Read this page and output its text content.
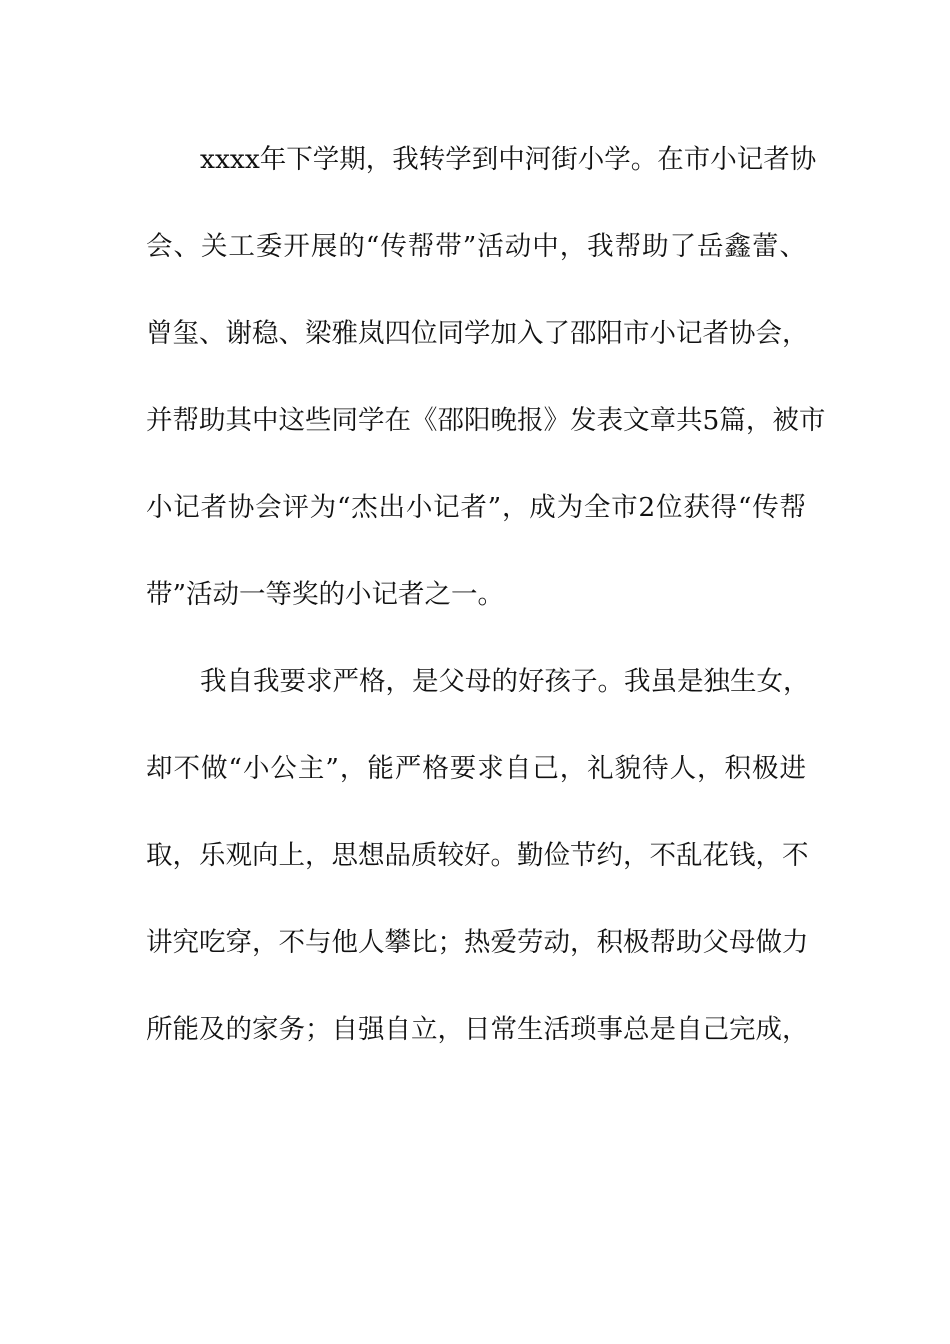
xxxx年下学期，我转学到中河街小学。在市小记者协
会、关工委开展的“传帮带”活动中，我帮助了岳鑫蕾、
曾玺、谢稳、梁雅岚四位同学加入了邵阳市小记者协会，
并帮助其中这些同学在《邵阳晚报》发表文章共5篇，被市
小记者协会评为“杰出小记者”，成为全市2位获得“传帮
带”活动一等奖的小记者之一。
我自我要求严格，是父母的好孩子。我虽是独生女，
却不做“小公主”，能严格要求自己，礼貌待人，积极进
取，乐观向上，思想品质较好。勤俭节约，不乱花钱，不
讲究吃穿，不与他人攀比；热爱劳动，积极帮助父母做力
所能及的家务；自强自立，日常生活琐事总是自己完成，
